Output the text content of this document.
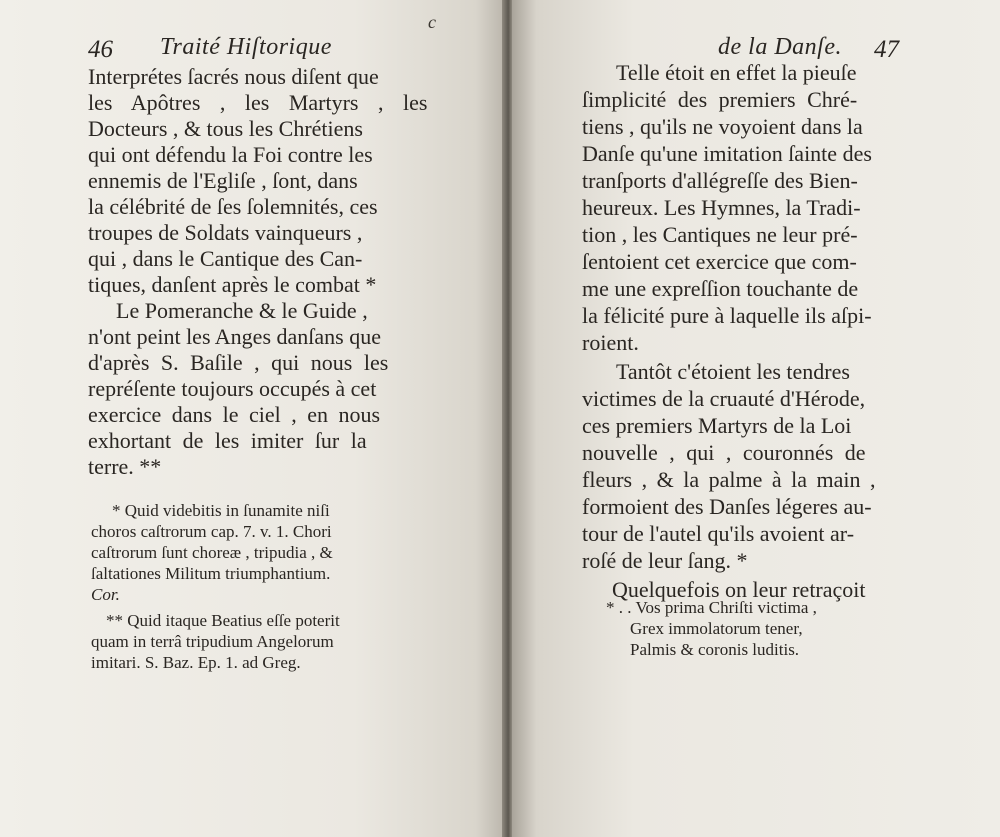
46 Traité Hiſtorique
Interprétes ſacrés nous diſent que
les Apôtres , les Martyrs , les
Docteurs , & tous les Chrétiens
qui ont défendu la Foi contre les
ennemis de l'Egliſe , ſont, dans
la célébrité de ſes ſolemnités, ces
troupes de Soldats vainqueurs ,
qui , dans le Cantique des Can-
tiques, danſent après le combat *
Le Pomeranche & le Guide ,
n'ont peint les Anges danſans que
d'après S. Baſile , qui nous les
repréſente toujours occupés à cet
exercice dans le ciel , en nous
exhortant de les imiter ſur la
terre. **
* Quid videbitis in ſunamite niſi
choros caſtrorum cap. 7. v. 1. Chori
caſtrorum ſunt choreæ , tripudia , &
ſaltationes Militum triumphantium.
Cor.
** Quid itaque Beatius eſſe poterit
quam in terrâ tripudium Angelorum
imitari. S. Baz. Ep. 1. ad Greg.
c
de la Danſe. 47
Telle étoit en effet la pieuſe
ſimplicité des premiers Chré-
tiens , qu'ils ne voyoient dans la
Danſe qu'une imitation ſainte des
tranſports d'allégreſſe des Bien-
heureux. Les Hymnes, la Tradi-
tion , les Cantiques ne leur pré-
ſentoient cet exercice que com-
me une expreſſion touchante de
la félicité pure à laquelle ils aſpi-
roient.
Tantôt c'étoient les tendres
victimes de la cruauté d'Hérode,
ces premiers Martyrs de la Loi
nouvelle , qui , couronnés de
fleurs , & la palme à la main ,
formoient des Danſes légeres au-
tour de l'autel qu'ils avoient ar-
roſé de leur ſang. *
Quelquefois on leur retraçoit
* . . Vos prima Chriſti victima ,
Grex immolatorum tener,
Palmis & coronis luditis.
